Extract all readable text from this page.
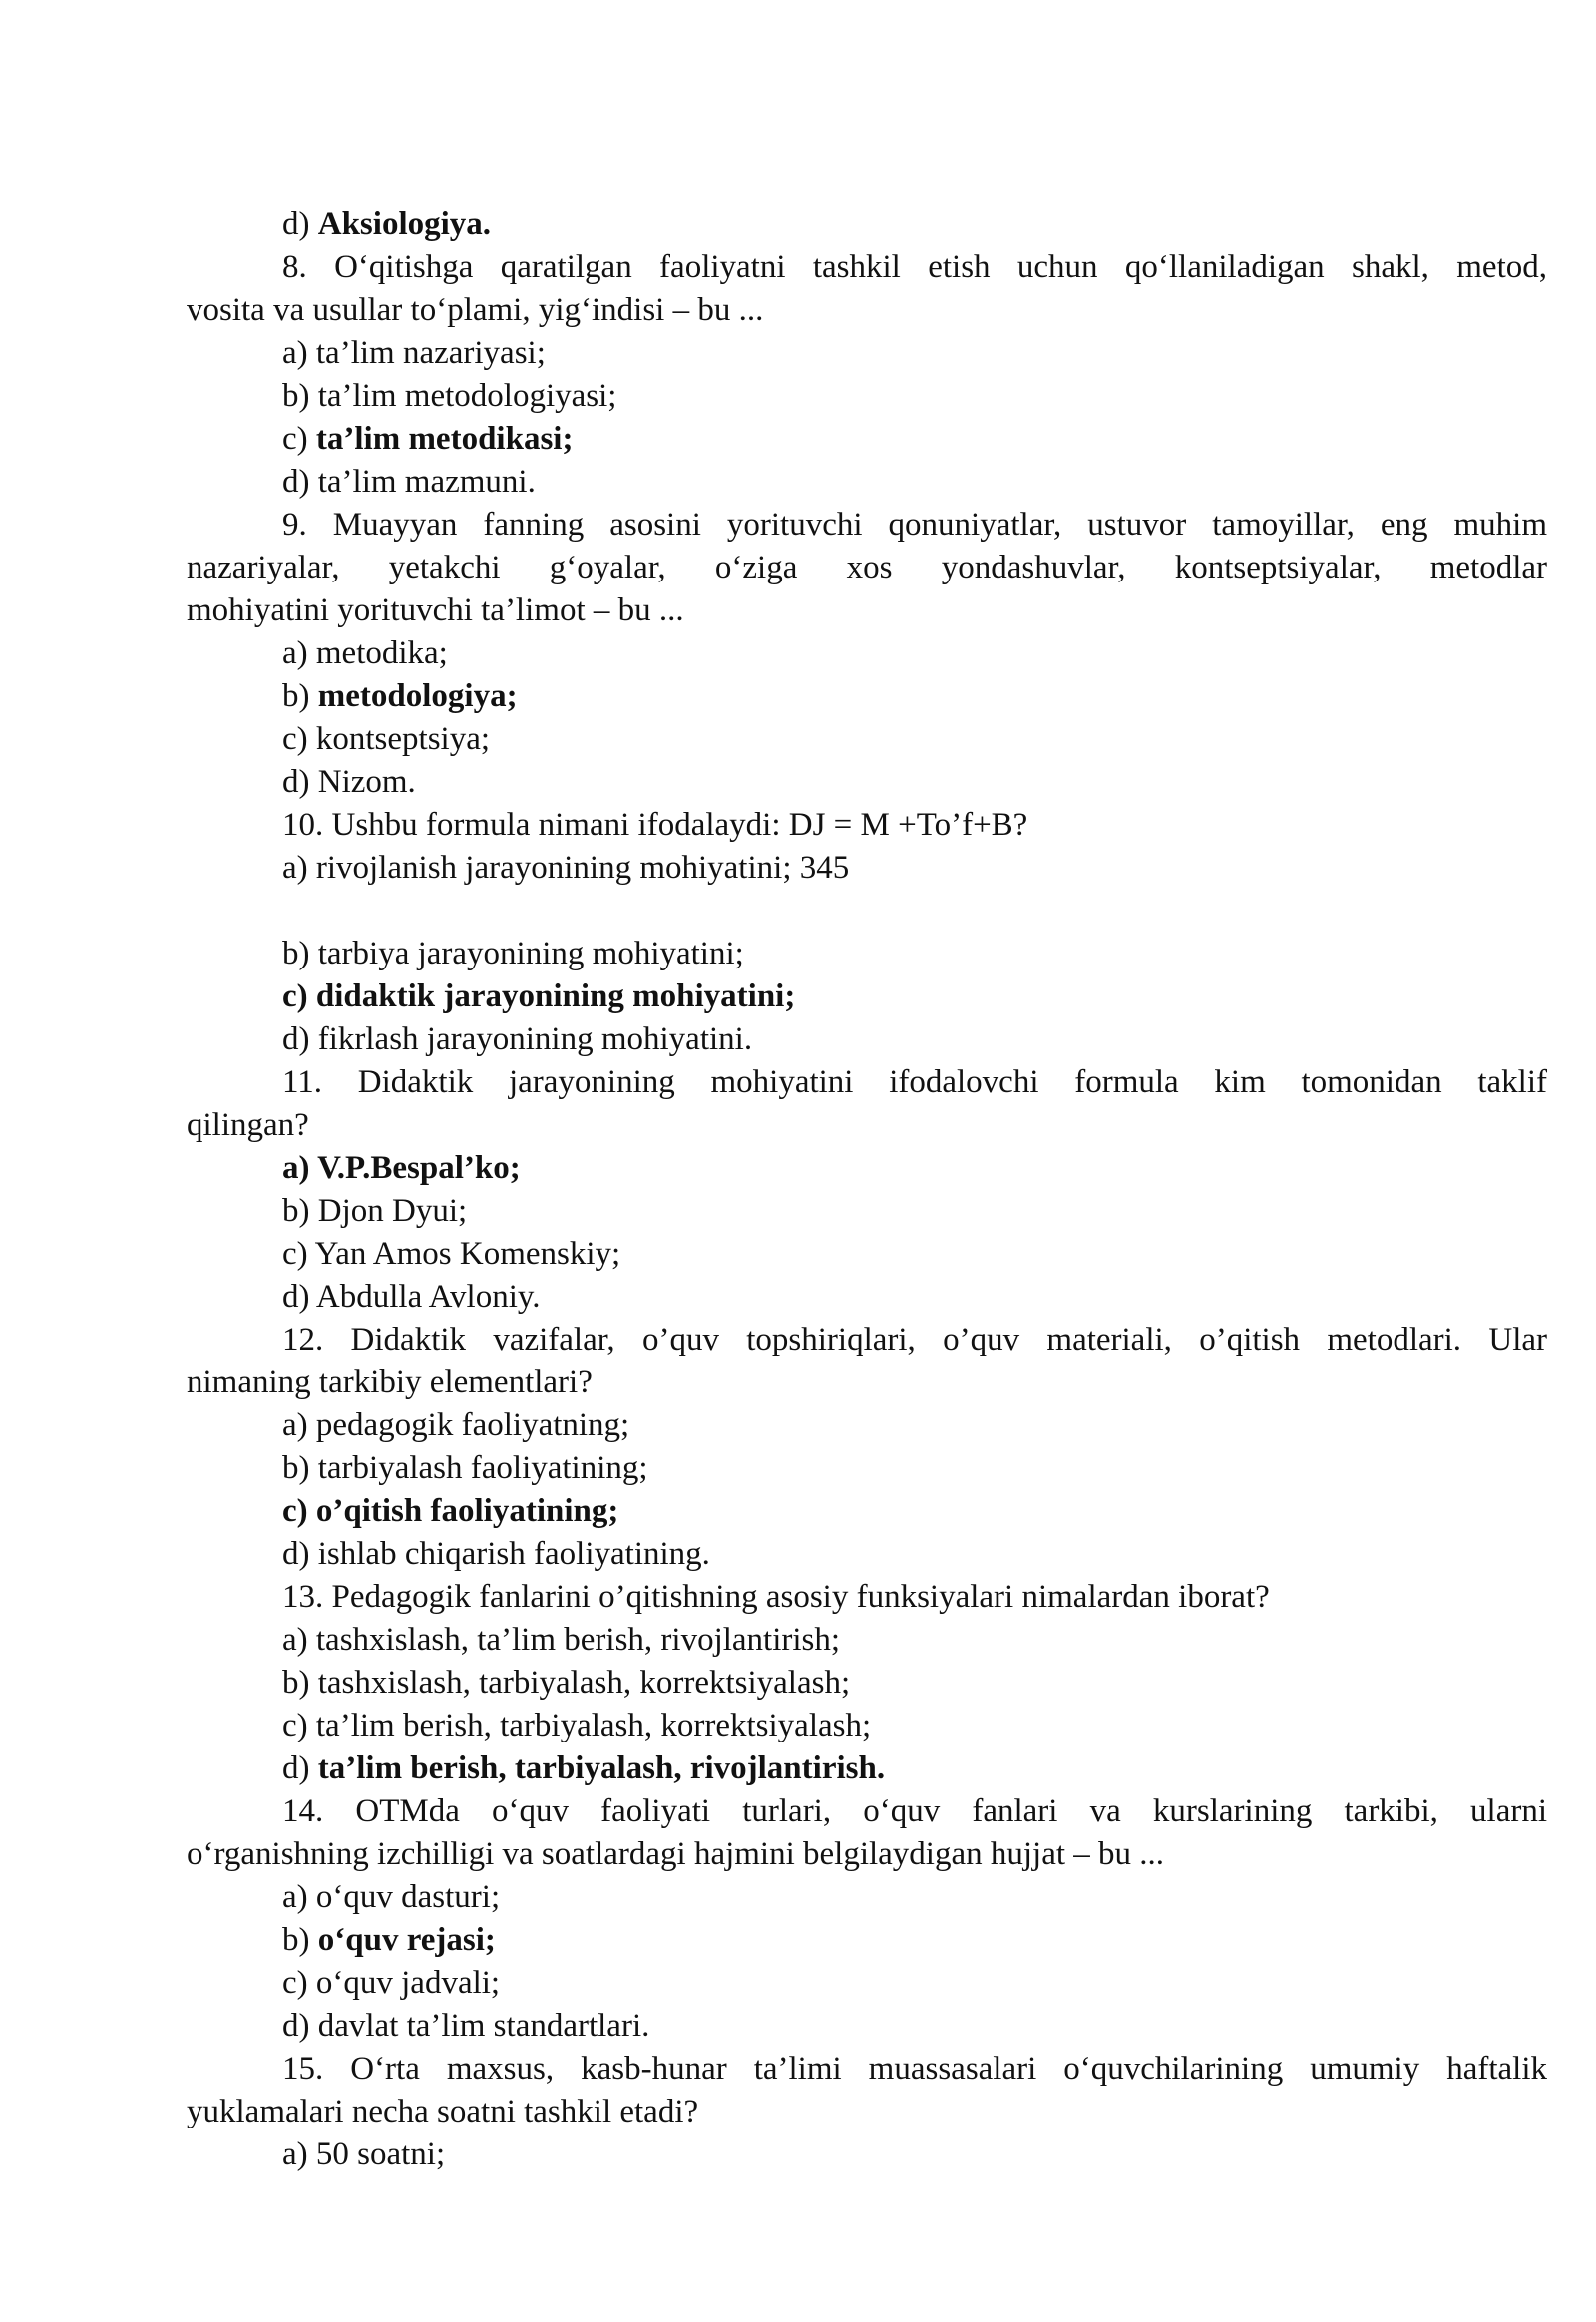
d) Aksiologiya.
8. O‘qitishga qaratilgan faoliyatni tashkil etish uchun qo‘llaniladigan shakl, metod,
vosita va usullar to‘plami, yig‘indisi – bu ...
a) ta’lim nazariyasi;
b) ta’lim metodologiyasi;
c) ta’lim metodikasi;
d) ta’lim mazmuni.
9. Muayyan fanning asosini yorituvchi qonuniyatlar, ustuvor tamoyillar, eng muhim
nazariyalar, yetakchi g‘oyalar, o‘ziga xos yondashuvlar, kontseptsiyalar, metodlar
mohiyatini yorituvchi ta’limot – bu ...
a) metodika;
b) metodologiya;
c) kontseptsiya;
d) Nizom.
10. Ushbu formula nimani ifodalaydi: DJ = M +To’f+B?
a) rivojlanish jarayonining mohiyatini; 345
b) tarbiya jarayonining mohiyatini;
c) didaktik jarayonining mohiyatini;
d) fikrlash jarayonining mohiyatini.
11. Didaktik jarayonining mohiyatini ifodalovchi formula kim tomonidan taklif
qilingan?
a) V.P.Bespal’ko;
b) Djon Dyui;
c) Yan Amos Komenskiy;
d) Abdulla Avloniy.
12. Didaktik vazifalar, o’quv topshiriqlari, o’quv materiali, o’qitish metodlari. Ular
nimaning tarkibiy elementlari?
a) pedagogik faoliyatning;
b) tarbiyalash faoliyatining;
c) o’qitish faoliyatining;
d) ishlab chiqarish faoliyatining.
13. Pedagogik fanlarini o’qitishning asosiy funksiyalari nimalardan iborat?
a) tashxislash, ta’lim berish, rivojlantirish;
b) tashxislash, tarbiyalash, korrektsiyalash;
c) ta’lim berish, tarbiyalash, korrektsiyalash;
d) ta’lim berish, tarbiyalash, rivojlantirish.
14. OTMda o‘quv faoliyati turlari, o‘quv fanlari va kurslarining tarkibi, ularni
o‘rganishning izchilligi va soatlardagi hajmini belgilaydigan hujjat – bu ...
a) o‘quv dasturi;
b) o‘quv rejasi;
c) o‘quv jadvali;
d) davlat ta’lim standartlari.
15. O‘rta maxsus, kasb-hunar ta’limi muassasalari o‘quvchilarining umumiy haftalik
yuklamalari necha soatni tashkil etadi?
a) 50 soatni;
